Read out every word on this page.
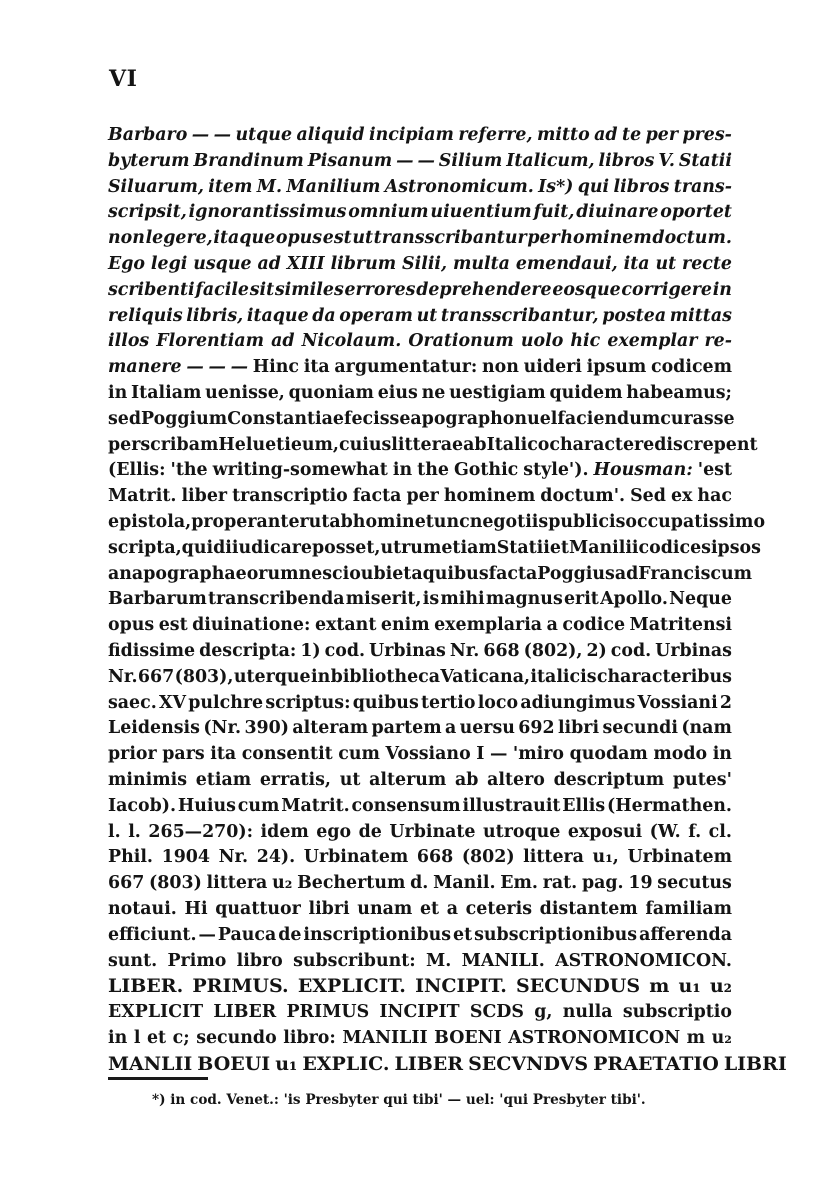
VI
Barbaro — — utque aliquid incipiam referre, mitto ad te per pres-
byterum Brandinum Pisanum — — Silium Italicum, libros V. Statii
Siluarum, item M. Manilium Astronomicum. Is*) qui libros trans-
scripsit, ignorantissimus omnium uiuentium fuit, diuinare oportet
non legere, itaque opus est ut transscribantur per hominem doctum.
Ego legi usque ad XIII librum Silii, multa emendaui, ita ut recte
scribenti facile sit similes errores deprehendere eosque corrigere in
reliquis libris, itaque da operam ut transscribantur, postea mittas
illos Florentiam ad Nicolaum. Orationum uolo hic exemplar re-
manere — — — Hinc ita argumentatur: non uideri ipsum codicem
in Italiam uenisse, quoniam eius ne uestigiam quidem habeamus;
sed Poggium Constantiae fecisse apographon uel faciendum curasse
per scribam Heluetieum, cuius litterae ab Italico charactere discrepent
(Ellis: 'the writing-somewhat in the Gothic style'). Housman: 'est
Matrit. liber transcriptio facta per hominem doctum'. Sed ex hac
epistola, properanter ut ab homine tunc negotiis publicis occupatissimo
scripta, qui diiudicare posset, utrum etiam Statii et Manilii codices ipsos
an apographa eorum nescio ubi et a quibus facta Poggius ad Franciscum
Barbarum transcribenda miserit, is mihi magnus erit Apollo. Neque
opus est diuinatione: extant enim exemplaria a codice Matritensi
fidissime descripta: 1) cod. Urbinas Nr. 668 (802), 2) cod. Urbinas
Nr. 667 (803), uterque in bibliotheca Vaticana, italicis characteribus
saec. XV pulchre scriptus: quibus tertio loco adiungimus Vossiani 2
Leidensis (Nr. 390) alteram partem a uersu 692 libri secundi (nam
prior pars ita consentit cum Vossiano I — 'miro quodam modo in
minimis etiam erratis, ut alterum ab altero descriptum putes'
Iacob). Huius cum Matrit. consensum illustrauit Ellis (Hermathen.
l. l. 265—270): idem ego de Urbinate utroque exposui (W. f. cl.
Phil. 1904 Nr. 24). Urbinatem 668 (802) littera u₁, Urbinatem
667 (803) littera u₂ Bechertum d. Manil. Em. rat. pag. 19 secutus
notaui. Hi quattuor libri unam et a ceteris distantem familiam
efficiunt. — Pauca de inscriptionibus et subscriptionibus afferenda
sunt. Primo libro subscribunt: M. MANILI. ASTRONOMICON.
LIBER. PRIMUS. EXPLICIT. INCIPIT. SECUNDUS m u₁ u₂
EXPLICIT LIBER PRIMUS INCIPIT SCDS g, nulla subscriptio
in l et c; secundo libro: MANILII BOENI ASTRONOMICON m u₂
MANLII BOEUI u₁ EXPLIC. LIBER SECVNDVS PRAETATIO LIBRI
*) in cod. Venet.: 'is Presbyter qui tibi' — uel: 'qui Presbyter tibi'.
